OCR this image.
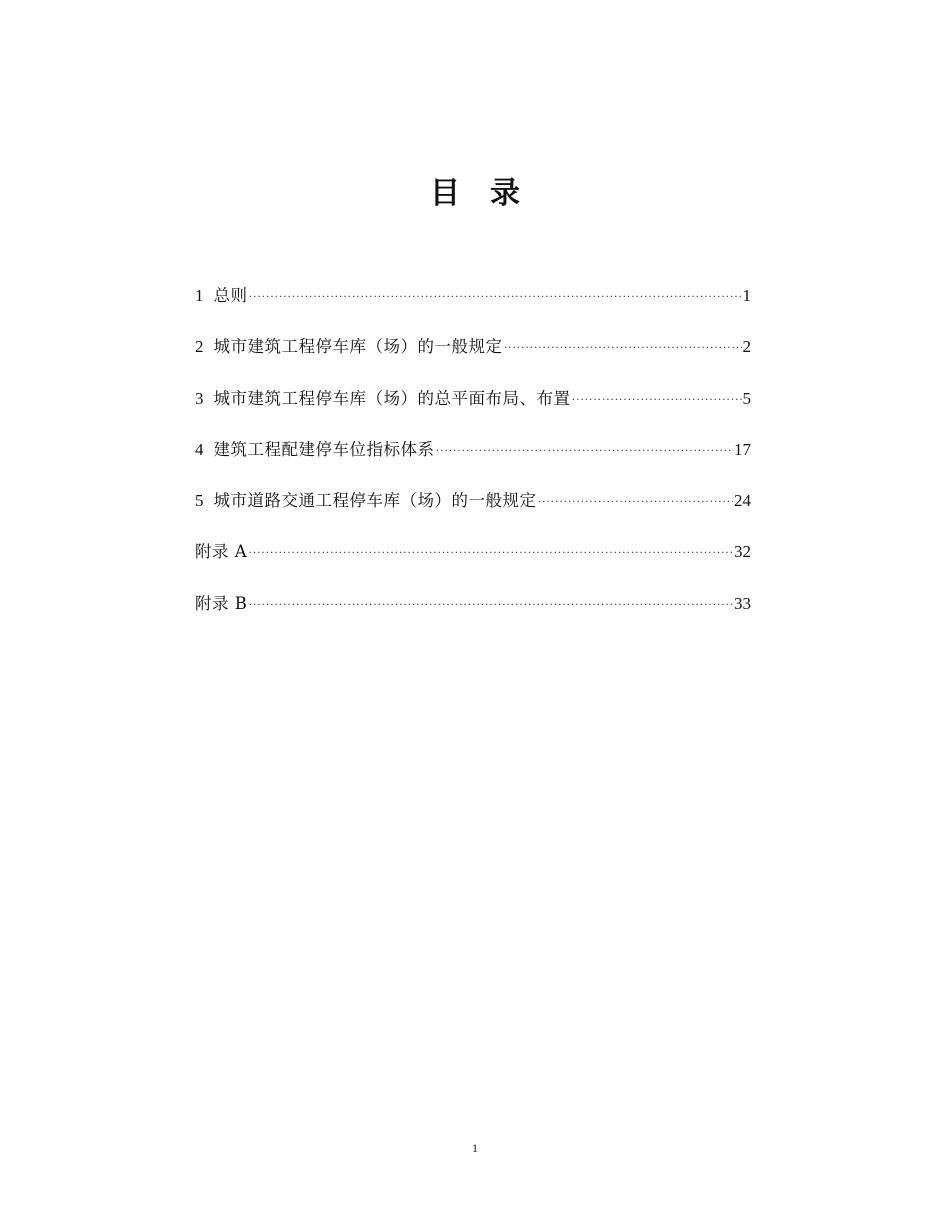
目录
1 总则 ·····	1
2 城市建筑工程停车库（场）的一般规定 ·····	2
3 城市建筑工程停车库（场）的总平面布局、布置 ·····	5
4 建筑工程配建停车位指标体系 ·····	17
5 城市道路交通工程停车库（场）的一般规定 ·····	24
附录 A ·····	32
附录 B ·····	33
1
